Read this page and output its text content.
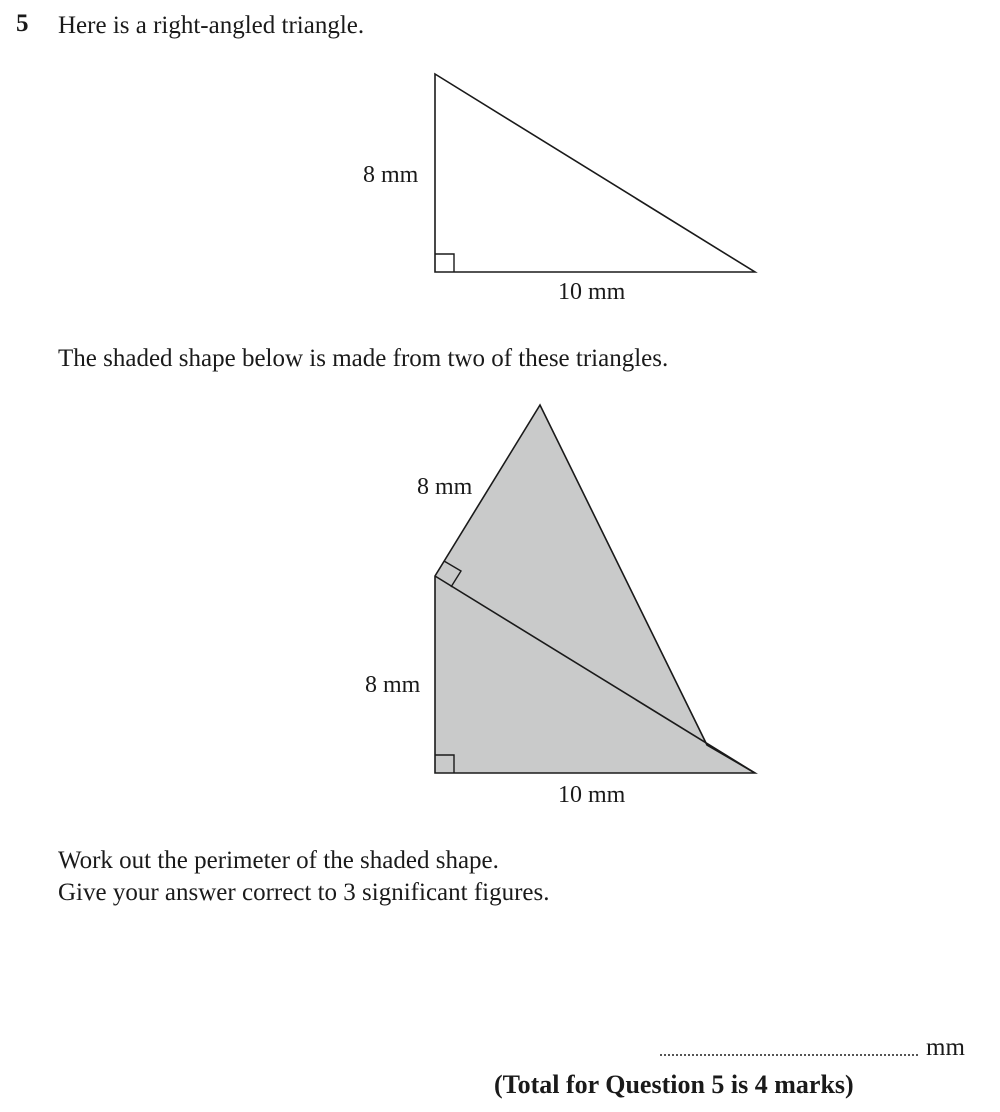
5 Here is a right-angled triangle.
8 mm
10 mm
The shaded shape below is made from two of these triangles.
8 mm
8 mm
10 mm
Work out the perimeter of the shaded shape.
Give your answer correct to 3 significant figures.
mm
(Total for Question 5 is 4 marks)
